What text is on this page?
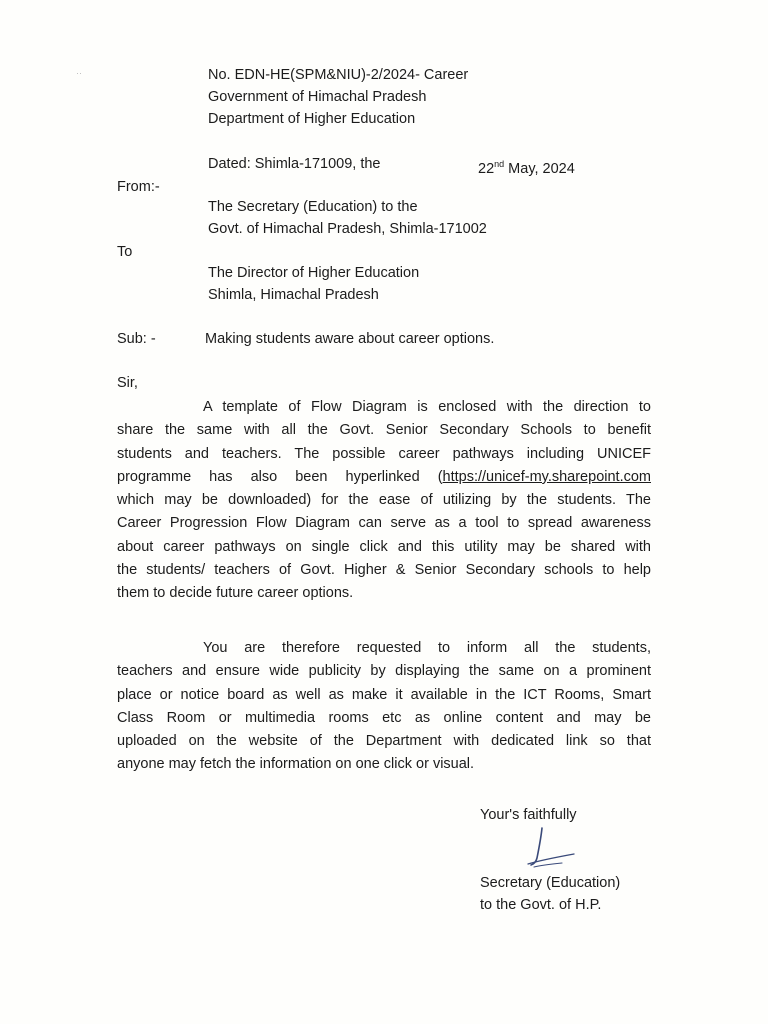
··	No. EDN-HE(SPM&NIU)-2/2024- Career
Government of Himachal Pradesh
Department of Higher Education
Dated: Shimla-171009, the	22nd May, 2024
From:-
The Secretary (Education) to the
Govt. of Himachal Pradesh, Shimla-171002
To
The Director of Higher Education
Shimla, Himachal Pradesh
Sub: -	Making students aware about career options.
Sir,
A template of Flow Diagram is enclosed with the direction to
share the same with all the Govt. Senior Secondary Schools to benefit
students and teachers. The possible career pathways including UNICEF
programme has also been hyperlinked (https://unicef-my.sharepoint.com
which may be downloaded) for the ease of utilizing by the students. The
Career Progression Flow Diagram can serve as a tool to spread awareness
about career pathways on single click and this utility may be shared with
the students/ teachers of Govt. Higher & Senior Secondary schools to help
them to decide future career options.
You are therefore requested to inform all the students,
teachers and ensure wide publicity by displaying the same on a prominent
place or notice board as well as make it available in the ICT Rooms, Smart
Class Room or multimedia rooms etc as online content and may be
uploaded on the website of the Department with dedicated link so that
anyone may fetch the information on one click or visual.
Your's faithfully
Secretary (Education)
to the Govt. of H.P.
